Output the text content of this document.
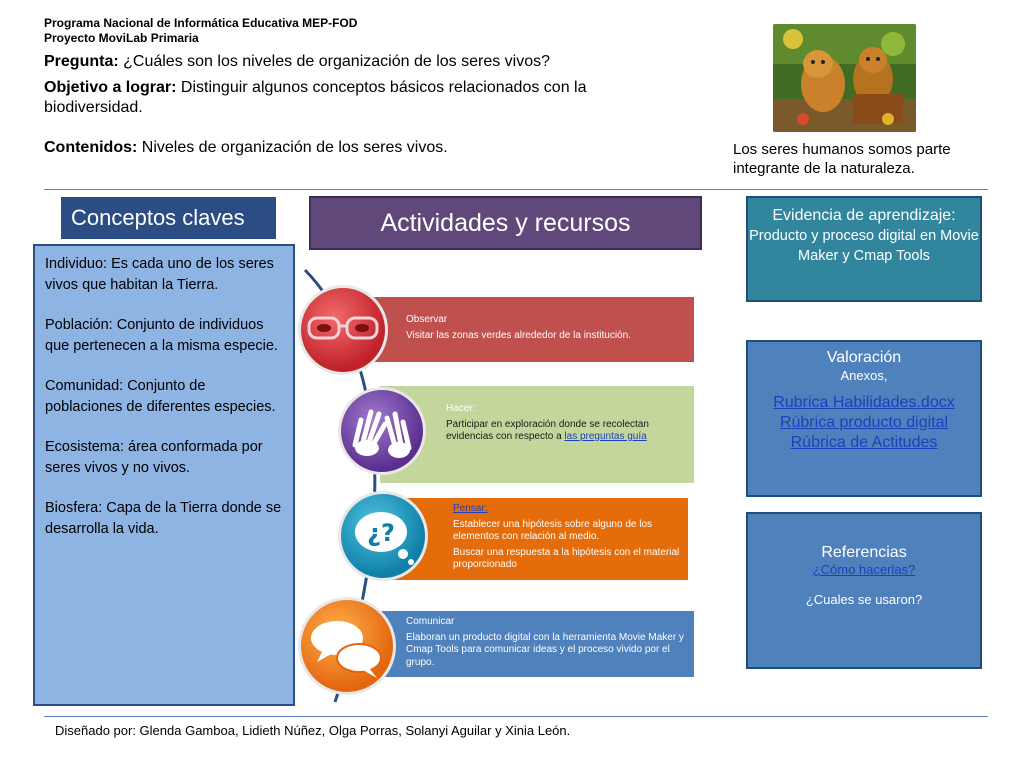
Programa Nacional de Informática Educativa MEP-FOD
Proyecto MoviLab Primaria
Pregunta: ¿Cuáles son los niveles de organización de los seres vivos?
Objetivo a lograr: Distinguir algunos conceptos básicos relacionados con la
biodiversidad.
Contenidos: Niveles de organización de los seres vivos.	Los seres humanos somos parte
integrante de la naturaleza.
Conceptos claves

Individuo: Es cada uno de los seres vivos que habitan la Tierra.

Población: Conjunto de individuos que pertenecen a la misma especie.

Comunidad: Conjunto de poblaciones de diferentes especies.

Ecosistema: área conformada por seres vivos y no vivos.

Biosfera: Capa de la Tierra donde se desarrolla la vida.

Actividades y recursos
Observar
Visitar las zonas verdes alrededor de la institución.
Hacer:
Participar en exploración donde se recolectan evidencias con respecto a las preguntas guía
Pensar:
Establecer una hipótesis sobre alguno de los elementos con relación al medio.
Buscar una respuesta a la hipótesis con el material proporcionado
Comunicar
Elaboran un producto digital con la herramienta Movie Maker y Cmap Tools para comunicar ideas y el proceso vivido por el grupo.
¿?
Evidencia de aprendizaje:
Producto y proceso digital en Movie Maker y Cmap Tools
Valoración
Anexos,
Rubrica Habilidades.docx
Rúbrica producto digital
Rúbrica de Actitudes
Referencias
¿Cómo hacerlas?
¿Cuales se usaron?
Diseñado por: Glenda Gamboa, Lidieth Núñez, Olga Porras, Solanyi Aguilar y Xinia León.
